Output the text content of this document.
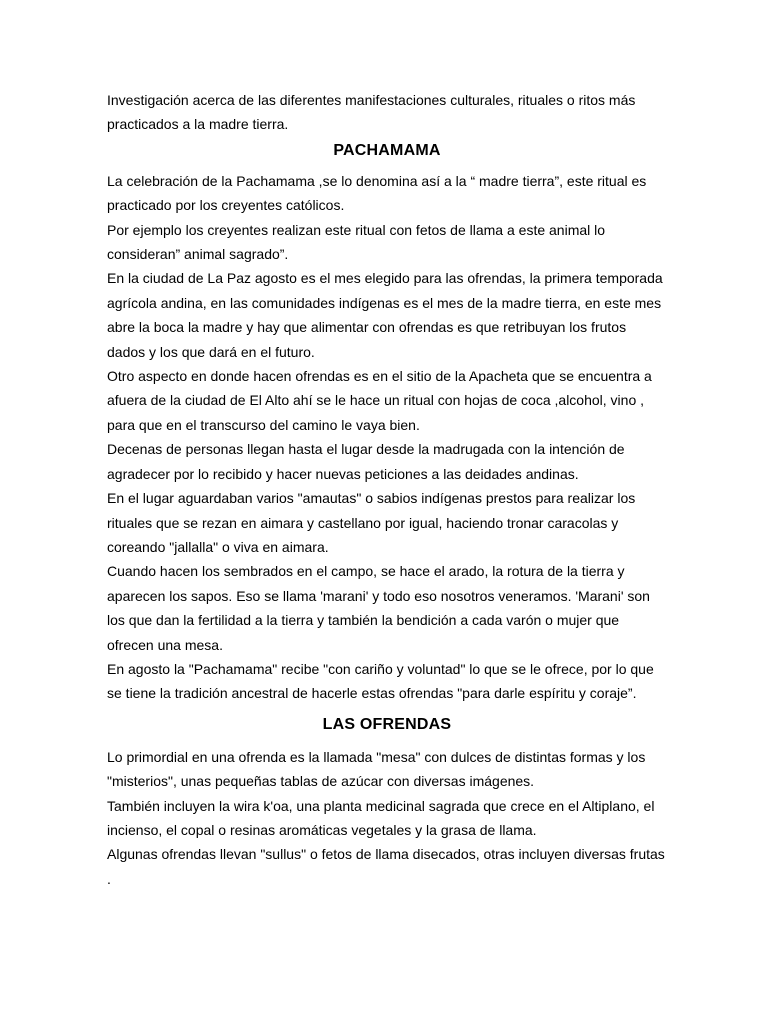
Investigación acerca de las diferentes manifestaciones culturales, rituales o ritos más practicados a la madre tierra.

PACHAMAMA

La celebración de la Pachamama ,se lo denomina así a la “ madre tierra”, este ritual es practicado por los creyentes católicos.

Por ejemplo los creyentes realizan este ritual con fetos de llama a este animal lo consideran” animal sagrado”.

En la ciudad de La Paz agosto es el mes elegido para las ofrendas, la primera temporada agrícola andina, en las comunidades indígenas es el mes de la madre tierra, en este mes abre la boca la madre y hay que alimentar con ofrendas es que retribuyan los frutos dados y los que dará en el futuro.

Otro aspecto en donde hacen ofrendas es en el sitio de la Apacheta que se encuentra a afuera de la ciudad de El Alto ahí se le hace un ritual con hojas de coca ,alcohol, vino , para que en el transcurso del camino le vaya bien.

Decenas de personas llegan hasta el lugar desde la madrugada con la intención de agradecer por lo recibido y hacer nuevas peticiones a las deidades andinas.

En el lugar aguardaban varios "amautas" o sabios indígenas prestos para realizar los rituales que se rezan en aimara y castellano por igual, haciendo tronar caracolas y coreando "jallalla" o viva en aimara.

Cuando hacen los sembrados en el campo, se hace el arado, la rotura de la tierra y aparecen los sapos. Eso se llama 'marani' y todo eso nosotros veneramos. 'Marani' son los que dan la fertilidad a la tierra y también la bendición a cada varón o mujer que ofrecen una mesa.

En agosto la "Pachamama" recibe "con cariño y voluntad" lo que se le ofrece, por lo que se tiene la tradición ancestral de hacerle estas ofrendas "para darle espíritu y coraje”.

LAS OFRENDAS

Lo primordial en una ofrenda es la llamada "mesa" con dulces de distintas formas y los "misterios", unas pequeñas tablas de azúcar con diversas imágenes.

También incluyen la wira k'oa, una planta medicinal sagrada que crece en el Altiplano, el incienso, el copal o resinas aromáticas vegetales y la grasa de llama.

Algunas ofrendas llevan "sullus" o fetos de llama disecados, otras incluyen diversas frutas .
